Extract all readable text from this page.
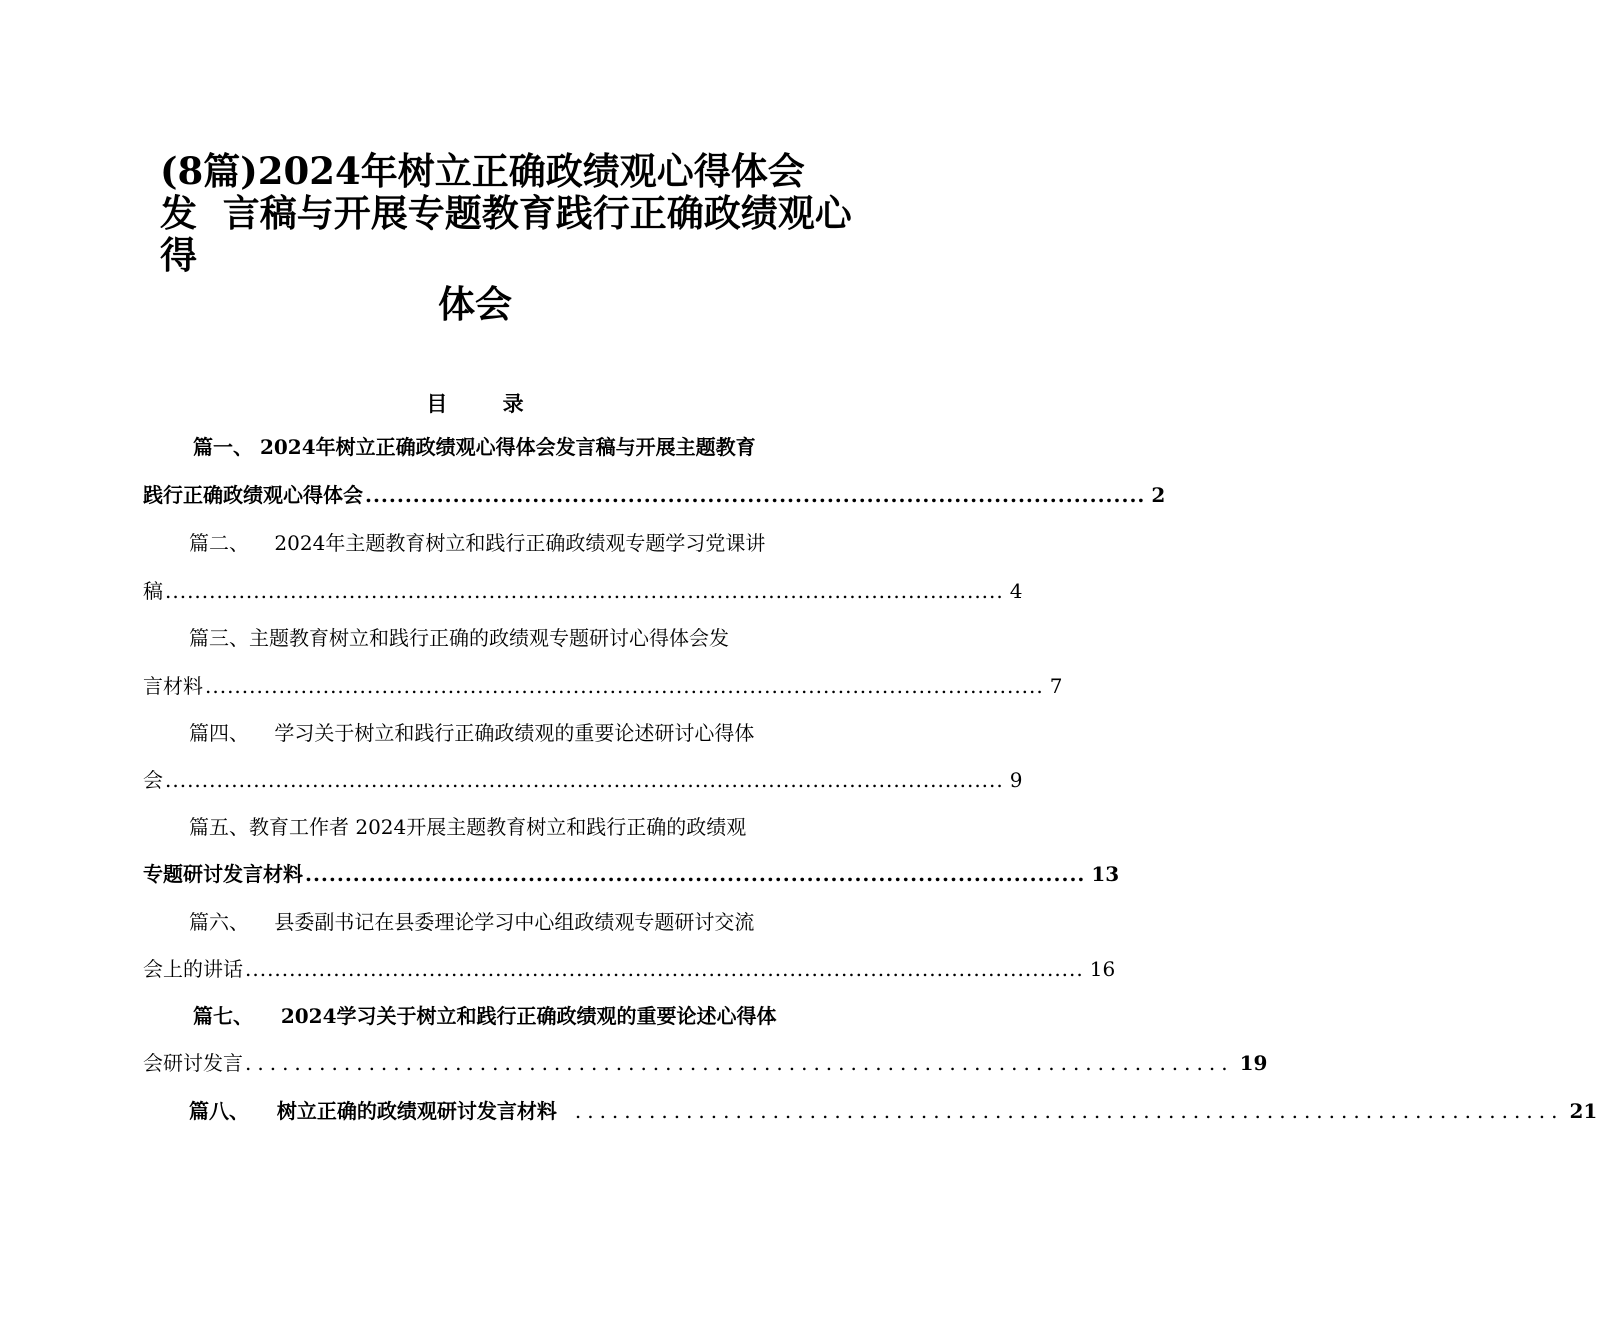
(8篇)2024年树立正确政绩观心得体会
发  言稿与开展专题教育践行正确政绩观心
得
体会
目 录
篇一、 2024年树立正确政绩观心得体会发言稿与开展主题教育
践行正确政绩观心得体会 .................................................................................................. 2
篇二、    2024年主题教育树立和践行正确政绩观专题学习党课讲
稿 .................................................................................................................. 4
篇三、主题教育树立和践行正确的政绩观专题研讨心得体会发
言材料 .................................................................................................................. 7
篇四、    学习关于树立和践行正确政绩观的重要论述研讨心得体
会 .................................................................................................................. 9
篇五、教育工作者 2024开展主题教育树立和践行正确的政绩观
专题研讨发言材料 .................................................................................................. 13
篇六、    县委副书记在县委理论学习中心组政绩观专题研讨交流
会上的讲话 .................................................................................................................. 16
篇七、    2024学习关于树立和践行正确政绩观的重要论述心得体
会研讨发言 ................................................................................ 19
篇八、    树立正确的政绩观研讨发言材料 ................................................................................ 21
